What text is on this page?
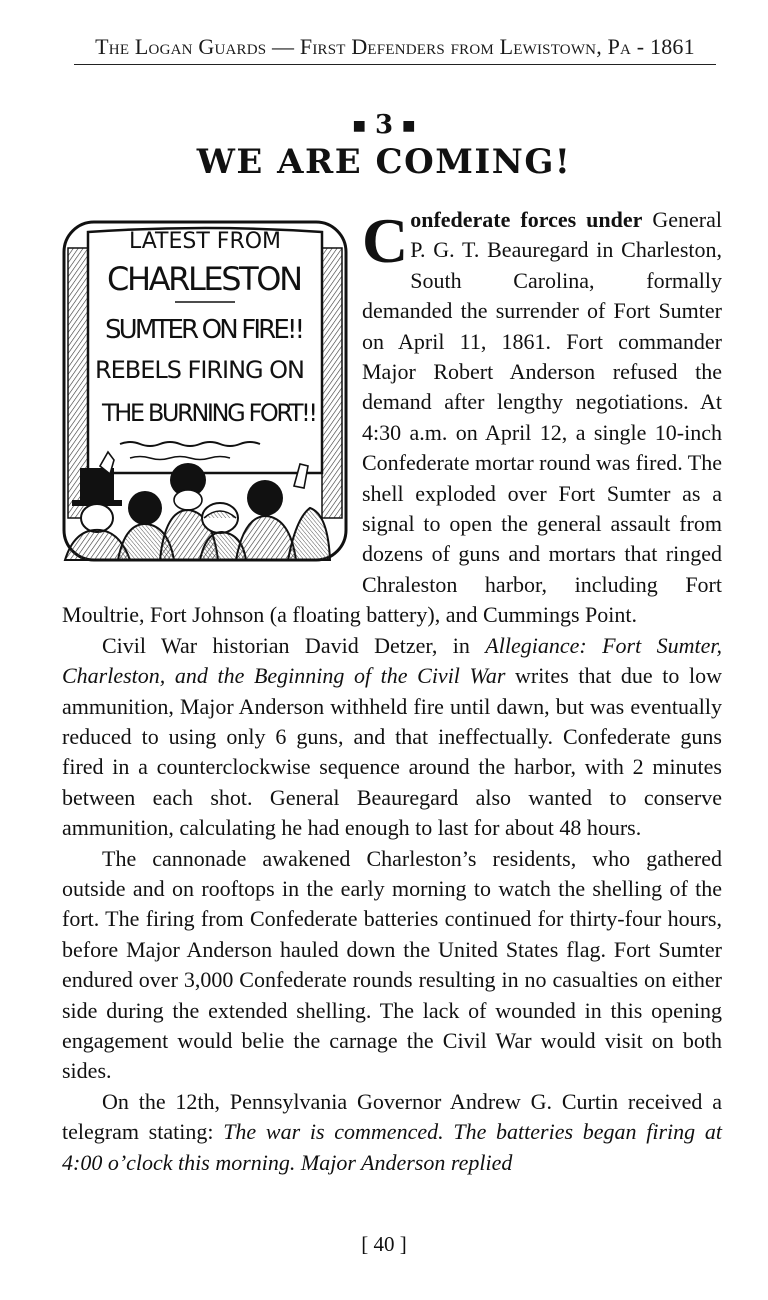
The Logan Guards — First Defenders from Lewistown, Pa - 1861
■ 3 ■
WE ARE COMING!
LATEST FROM
CHARLESTON
SUMTER ON FIRE!!
REBELS FIRING ON
THE BURNING FORT!!

Confederate forces under General P. G. T. Beauregard in Charleston, South Carolina, formally demanded the surrender of Fort Sumter on April 11, 1861. Fort commander Major Robert Anderson refused the demand after lengthy negotiations. At 4:30 a.m. on April 12, a single 10-inch Confederate mortar round was fired. The shell exploded over Fort Sumter as a signal to open the general assault from dozens of guns and mortars that ringed Chraleston harbor, including Fort Moultrie, Fort Johnson (a floating battery), and Cummings Point.

Civil War historian David Detzer, in Allegiance: Fort Sumter, Charleston, and the Beginning of the Civil War writes that due to low ammunition, Major Anderson withheld fire until dawn, but was eventually reduced to using only 6 guns, and that ineffectually. Confederate guns fired in a counterclockwise sequence around the harbor, with 2 minutes between each shot. General Beauregard also wanted to conserve ammunition, calculating he had enough to last for about 48 hours.

The cannonade awakened Charleston’s residents, who gathered outside and on rooftops in the early morning to watch the shelling of the fort. The firing from Confederate batteries continued for thirty-four hours, before Major Anderson hauled down the United States flag. Fort Sumter endured over 3,000 Confederate rounds resulting in no casualties on either side during the extended shelling. The lack of wounded in this opening engagement would belie the carnage the Civil War would visit on both sides.

On the 12th, Pennsylvania Governor Andrew G. Curtin received a telegram stating: The war is commenced. The batteries began firing at 4:00 o’clock this morning. Major Anderson replied

[ 40 ]
